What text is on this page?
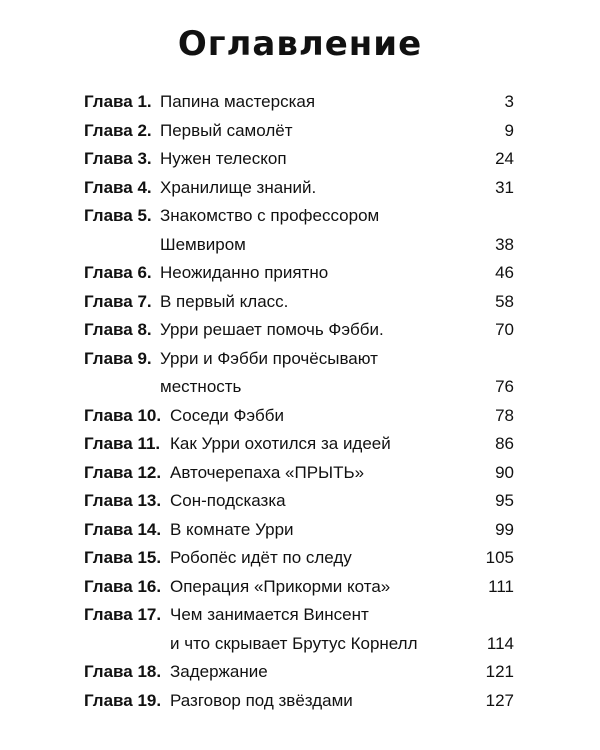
Оглавление
Глава 1. Папина мастерская . . .	3
Глава 2. Первый самолёт . . .	9
Глава 3. Нужен телескоп . . .	24
Глава 4. Хранилище знаний. . . .	31
Глава 5. Знакомство с профессором
Шемвиром . . .	38
Глава 6. Неожиданно приятно . . .	46
Глава 7. В первый класс. . . .	58
Глава 8. Урри решает помочь Фэбби. . . .	70
Глава 9. Урри и Фэбби прочёсывают
местность . . .	76
Глава 10. Соседи Фэбби . . .	78
Глава 11. Как Урри охотился за идеей . . .	86
Глава 12. Авточерепаха «ПРЫТЬ» . . .	90
Глава 13. Сон-подсказка . . .	95
Глава 14. В комнате Урри . . .	99
Глава 15. Робопёс идёт по следу . . .	105
Глава 16. Операция «Прикорми кота» . . .	111
Глава 17. Чем занимается Винсент
и что скрывает Брутус Корнелл . . .	114
Глава 18. Задержание . . .	121
Глава 19. Разговор под звёздами . . .	127
